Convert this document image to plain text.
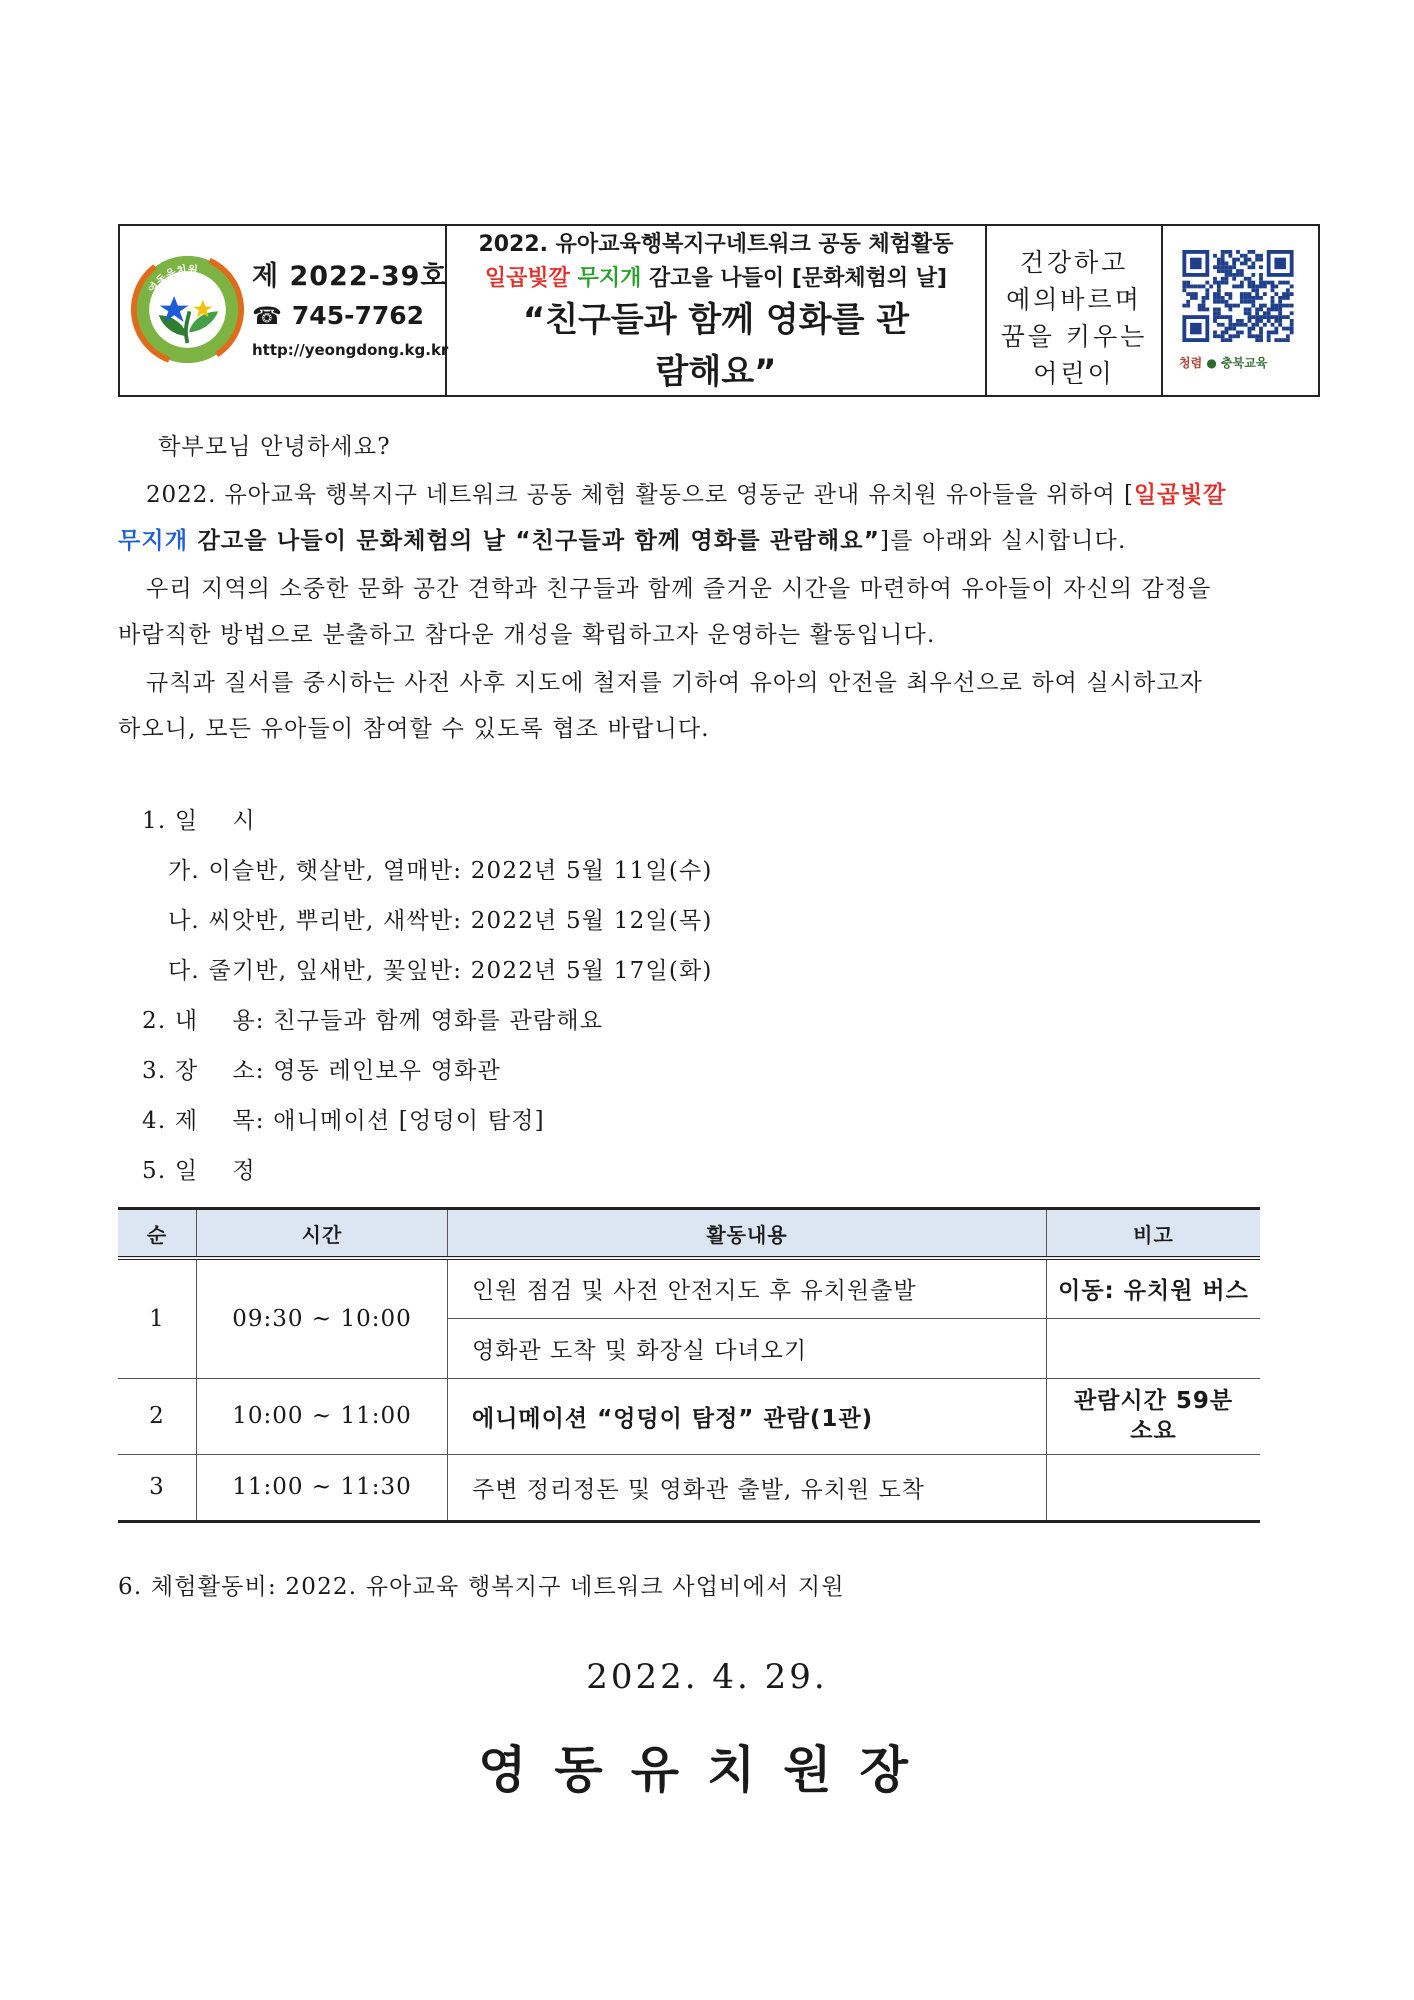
영동유치원 제 2022-39호
☎ 745-7762
http://yeongdong.kg.kr
2022. 유아교육행복지구네트워크 공동 체험활동
일곱빛깔 무지개 감고을 나들이 [문화체험의 날]
“친구들과 함께 영화를 관람해요”
건강하고
예의바르며
꿈을 키우는
어린이	청렴 ● 충북교육
학부모님 안녕하세요?
2022. 유아교육 행복지구 네트워크 공동 체험 활동으로 영동군 관내 유치원 유아들을 위하여 [일곱빛깔
무지개 감고을 나들이 문화체험의 날 “친구들과 함께 영화를 관람해요”]를 아래와 실시합니다.
우리 지역의 소중한 문화 공간 견학과 친구들과 함께 즐거운 시간을 마련하여 유아들이 자신의 감정을
바람직한 방법으로 분출하고 참다운 개성을 확립하고자 운영하는 활동입니다.
규칙과 질서를 중시하는 사전 사후 지도에 철저를 기하여 유아의 안전을 최우선으로 하여 실시하고자
하오니, 모든 유아들이 참여할 수 있도록 협조 바랍니다.
1. 일    시
가. 이슬반, 햇살반, 열매반: 2022년 5월 11일(수)
나. 씨앗반, 뿌리반, 새싹반: 2022년 5월 12일(목)
다. 줄기반, 잎새반, 꽃잎반: 2022년 5월 17일(화)
2. 내    용: 친구들과 함께 영화를 관람해요
3. 장    소: 영동 레인보우 영화관
4. 제    목: 애니메이션 [엉덩이 탐정]
5. 일    정
순	시간	활동내용	비고
1	09:30 ~ 10:00	인원 점검 및 사전 안전지도 후 유치원출발	이동: 유치원 버스
		영화관 도착 및 화장실 다녀오기	
2	10:00 ~ 11:00	에니메이션 “엉덩이 탐정” 관람(1관)	관람시간 59분
소요

3	11:00 ~ 11:30	주변 정리정돈 및 영화관 출발, 유치원 도착	
6. 체험활동비: 2022. 유아교육 행복지구 네트워크 사업비에서 지원
2022. 4. 29.
영동유치원장
